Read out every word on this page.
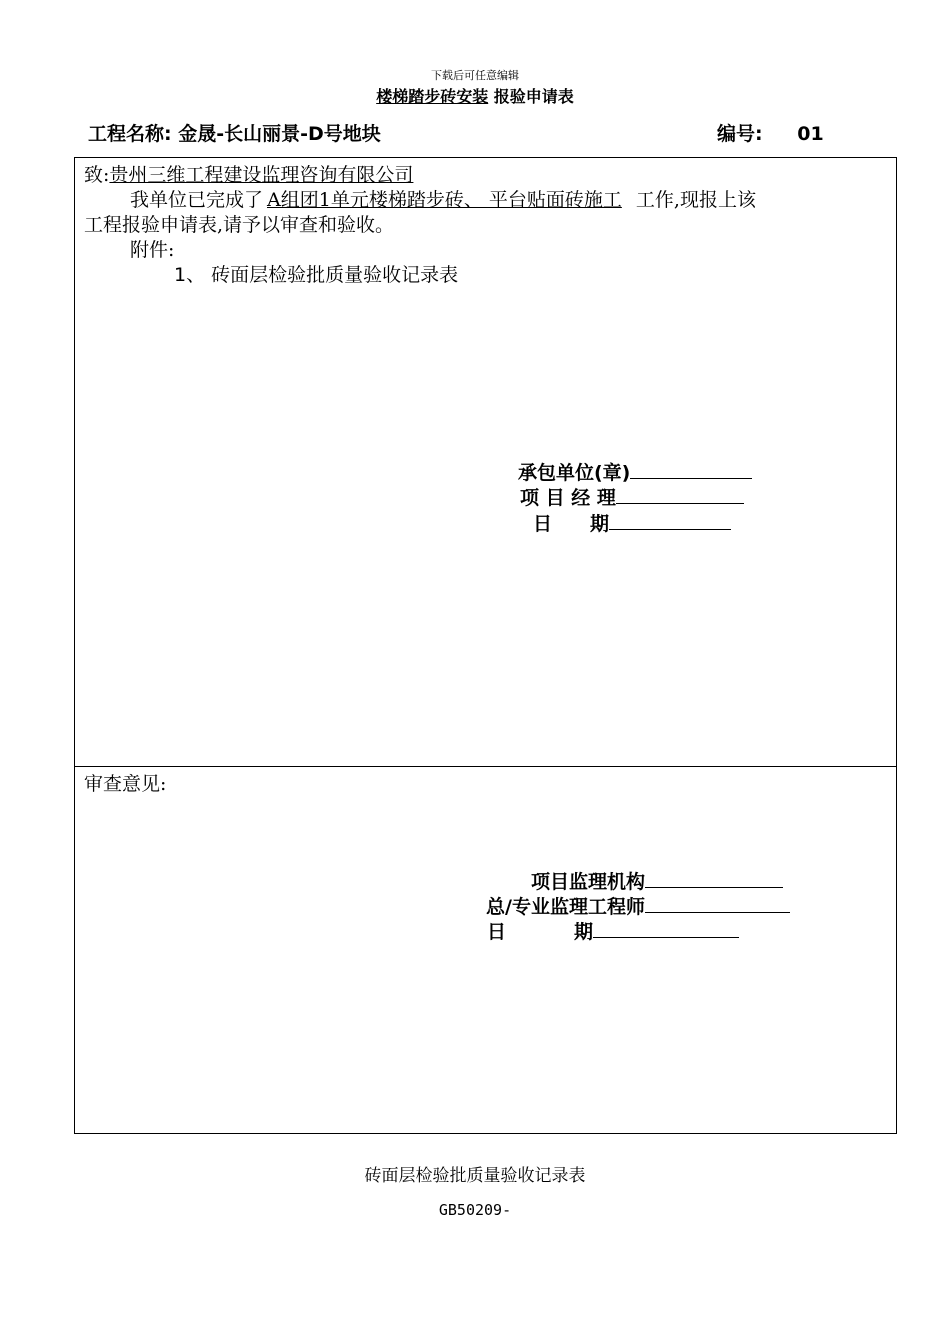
下载后可任意编辑
楼梯踏步砖安装 报验申请表
工程名称: 金晟-长山丽景-D号地块	编号: 01
致:贵州三维工程建设监理咨询有限公司
我单位已完成了 A组团1单元楼梯踏步砖、 平台贴面砖施工 工作,现报上该
工程报验申请表,请予以审查和验收。
附件:
1、 砖面层检验批质量验收记录表
承包单位(章)
项 目 经 理
日 期
审查意见:
项目监理机构
总/专业监理工程师
日	期
砖面层检验批质量验收记录表
GB50209-
